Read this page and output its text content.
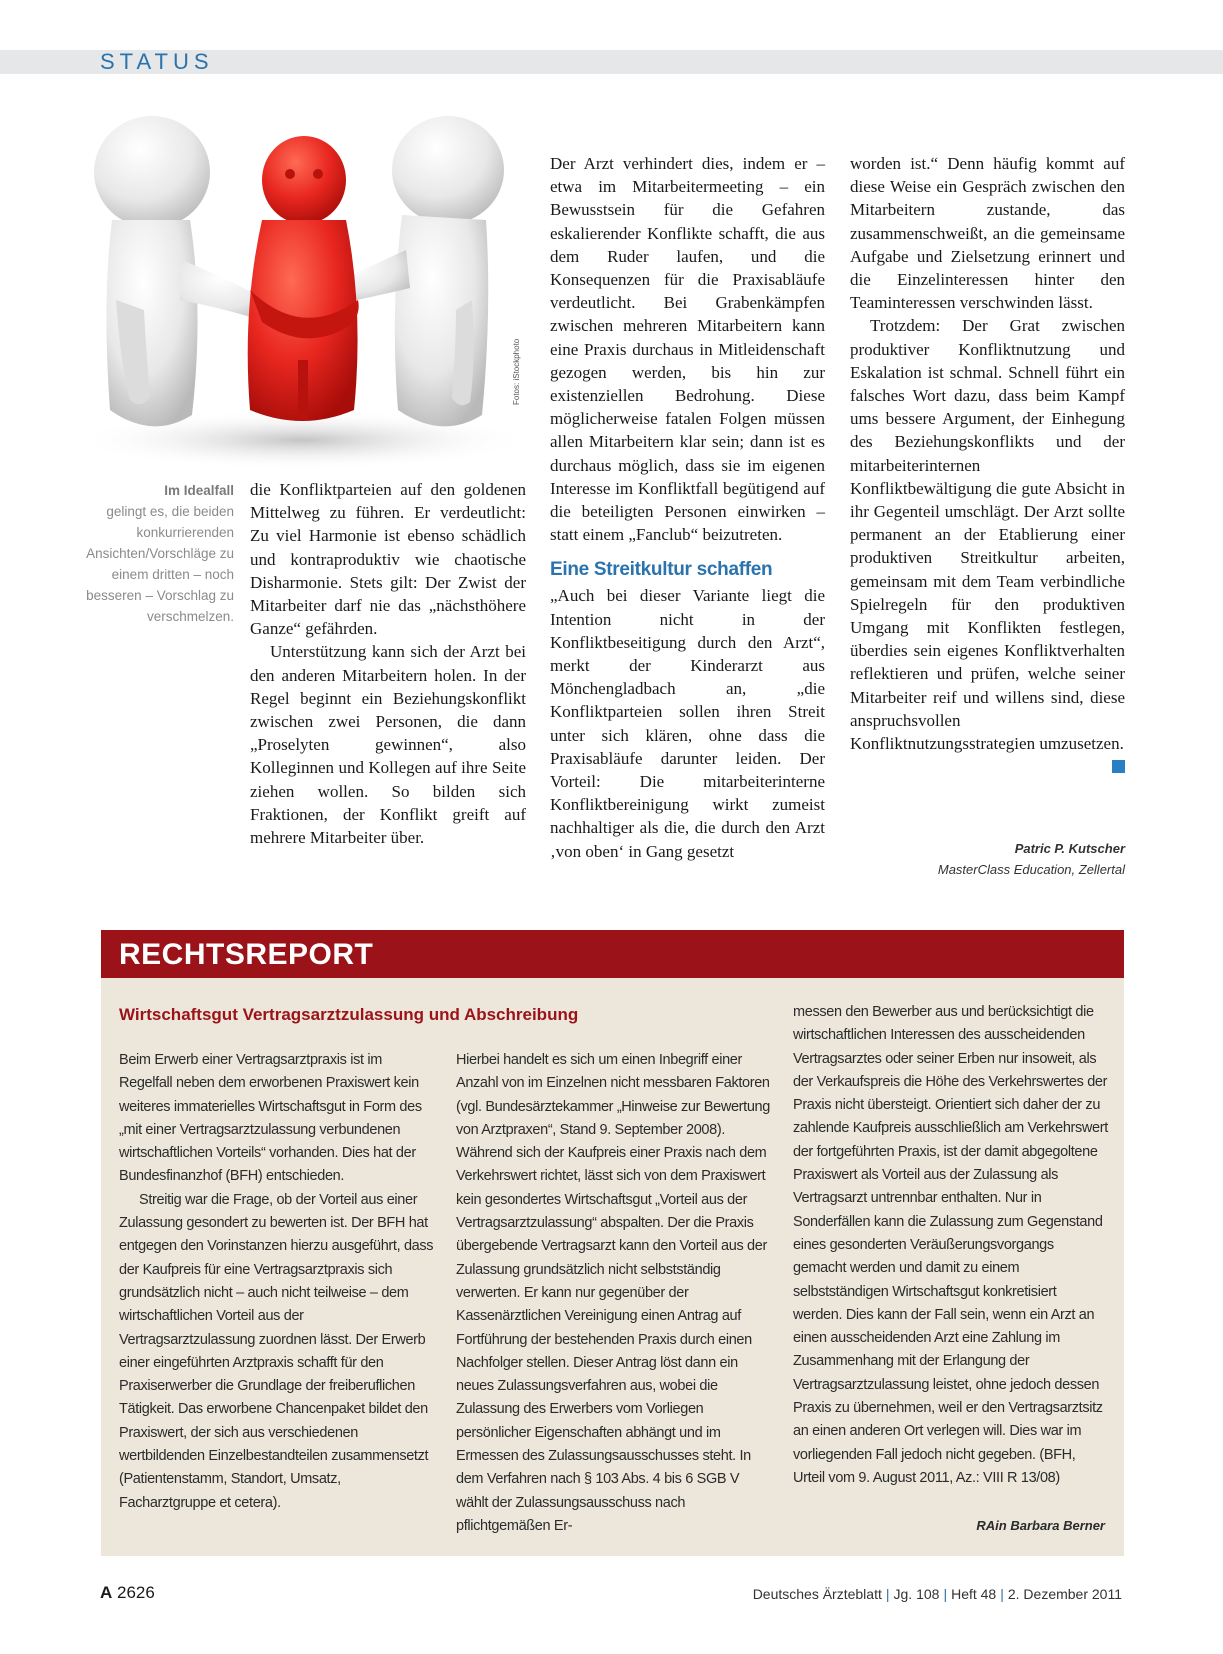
STATUS
Fotos: iStockphoto
Im Idealfall
gelingt es, die beiden konkurrierenden Ansichten/Vorschläge zu einem dritten – noch besseren – Vorschlag zu verschmelzen.

die Konfliktparteien auf den goldenen Mittelweg zu führen. Er verdeutlicht: Zu viel Harmonie ist ebenso schädlich und kontraproduktiv wie chaotische Disharmonie. Stets gilt: Der Zwist der Mitarbeiter darf nie das „nächsthöhere Ganze“ gefährden.

Unterstützung kann sich der Arzt bei den anderen Mitarbeitern holen. In der Regel beginnt ein Beziehungskonflikt zwischen zwei Personen, die dann „Proselyten gewinnen“, also Kolleginnen und Kollegen auf ihre Seite ziehen wollen. So bilden sich Fraktionen, der Konflikt greift auf mehrere Mitarbeiter über.

Der Arzt verhindert dies, indem er – etwa im Mitarbeitermeeting – ein Bewusstsein für die Gefahren eskalierender Konflikte schafft, die aus dem Ruder laufen, und die Konsequenzen für die Praxisabläufe verdeutlicht. Bei Grabenkämpfen zwischen mehreren Mitarbeitern kann eine Praxis durchaus in Mitleidenschaft gezogen werden, bis hin zur existenziellen Bedrohung. Diese möglicherweise fatalen Folgen müssen allen Mitarbeitern klar sein; dann ist es durchaus möglich, dass sie im eigenen Interesse im Konfliktfall begütigend auf die beteiligten Personen einwirken – statt einem „Fanclub“ beizutreten.

Eine Streitkultur schaffen

„Auch bei dieser Variante liegt die Intention nicht in der Konfliktbeseitigung durch den Arzt“, merkt der Kinderarzt aus Mönchengladbach an, „die Konfliktparteien sollen ihren Streit unter sich klären, ohne dass die Praxisabläufe darunter leiden. Der Vorteil: Die mitarbeiterinterne Konfliktbereinigung wirkt zumeist nachhaltiger als die, die durch den Arzt ‚von oben‘ in Gang gesetzt

worden ist.“ Denn häufig kommt auf diese Weise ein Gespräch zwischen den Mitarbeitern zustande, das zusammenschweißt, an die gemeinsame Aufgabe und Zielsetzung erinnert und die Einzelinteressen hinter den Teaminteressen verschwinden lässt.

Trotzdem: Der Grat zwischen produktiver Konfliktnutzung und Eskalation ist schmal. Schnell führt ein falsches Wort dazu, dass beim Kampf ums bessere Argument, der Einhegung des Beziehungskonflikts und der mitarbeiterinternen Konfliktbewältigung die gute Absicht in ihr Gegenteil umschlägt. Der Arzt sollte permanent an der Etablierung einer produktiven Streitkultur arbeiten, gemeinsam mit dem Team verbindliche Spielregeln für den produktiven Umgang mit Konflikten festlegen, überdies sein eigenes Konfliktverhalten reflektieren und prüfen, welche seiner Mitarbeiter reif und willens sind, diese anspruchsvollen Konfliktnutzungsstrategien umzusetzen.

Patric P. Kutscher
MasterClass Education, Zellertal
RECHTSREPORT
Wirtschaftsgut Vertragsarztzulassung und Abschreibung

Beim Erwerb einer Vertragsarztpraxis ist im Regelfall neben dem erworbenen Praxiswert kein weiteres immaterielles Wirtschaftsgut in Form des „mit einer Vertragsarztzulassung verbundenen wirtschaftlichen Vorteils“ vorhanden. Dies hat der Bundesfinanzhof (BFH) entschieden.

Streitig war die Frage, ob der Vorteil aus einer Zulassung gesondert zu bewerten ist. Der BFH hat entgegen den Vorinstanzen hierzu ausgeführt, dass der Kaufpreis für eine Vertragsarztpraxis sich grundsätzlich nicht – auch nicht teilweise – dem wirtschaftlichen Vorteil aus der Vertragsarztzulassung zuordnen lässt. Der Erwerb einer eingeführten Arztpraxis schafft für den Praxiserwerber die Grundlage der freiberuflichen Tätigkeit. Das erworbene Chancenpaket bildet den Praxiswert, der sich aus verschiedenen wertbildenden Einzelbestandteilen zusammensetzt (Patientenstamm, Standort, Umsatz, Facharztgruppe et cetera).

Hierbei handelt es sich um einen Inbegriff einer Anzahl von im Einzelnen nicht messbaren Faktoren (vgl. Bundesärztekammer „Hinweise zur Bewertung von Arztpraxen“, Stand 9. September 2008). Während sich der Kaufpreis einer Praxis nach dem Verkehrswert richtet, lässt sich von dem Praxiswert kein gesondertes Wirtschaftsgut „Vorteil aus der Vertragsarztzulassung“ abspalten. Der die Praxis übergebende Vertragsarzt kann den Vorteil aus der Zulassung grundsätzlich nicht selbstständig verwerten. Er kann nur gegenüber der Kassenärztlichen Vereinigung einen Antrag auf Fortführung der bestehenden Praxis durch einen Nachfolger stellen. Dieser Antrag löst dann ein neues Zulassungsverfahren aus, wobei die Zulassung des Erwerbers vom Vorliegen persönlicher Eigenschaften abhängt und im Ermessen des Zulassungsausschusses steht. In dem Verfahren nach § 103 Abs. 4 bis 6 SGB V wählt der Zulassungsausschuss nach pflichtgemäßen Er-

messen den Bewerber aus und berücksichtigt die wirtschaftlichen Interessen des ausscheidenden Vertragsarztes oder seiner Erben nur insoweit, als der Verkaufspreis die Höhe des Verkehrswertes der Praxis nicht übersteigt. Orientiert sich daher der zu zahlende Kaufpreis ausschließlich am Verkehrswert der fortgeführten Praxis, ist der damit abgegoltene Praxiswert als Vorteil aus der Zulassung als Vertragsarzt untrennbar enthalten. Nur in Sonderfällen kann die Zulassung zum Gegenstand eines gesonderten Veräußerungsvorgangs gemacht werden und damit zu einem selbstständigen Wirtschaftsgut konkretisiert werden. Dies kann der Fall sein, wenn ein Arzt an einen ausscheidenden Arzt eine Zahlung im Zusammenhang mit der Erlangung der Vertragsarztzulassung leistet, ohne jedoch dessen Praxis zu übernehmen, weil er den Vertragsarztsitz an einen anderen Ort verlegen will. Dies war im vorliegenden Fall jedoch nicht gegeben. (BFH, Urteil vom 9. August 2011, Az.: VIII R 13/08)

RAin Barbara Berner
A 2626	Deutsches Ärzteblatt | Jg. 108 | Heft 48 | 2. Dezember 2011
